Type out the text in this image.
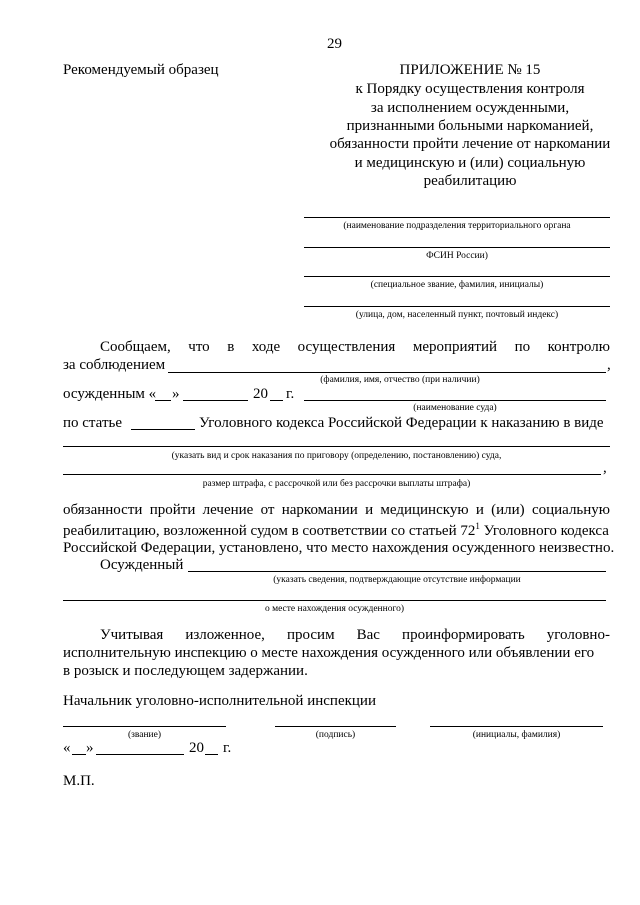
29
Рекомендуемый образец	ПРИЛОЖЕНИЕ № 15
к Порядку осуществления контроля
за исполнением осужденными,
признанными больными наркоманией,
обязанности пройти лечение от наркомании
и медицинскую и (или) социальную
реабилитацию
(наименование подразделения территориального органа
ФСИН России)
(специальное звание, фамилия, инициалы)
(улица, дом, населенный пункт, почтовый индекс)
Сообщаем, что в ходе осуществления мероприятий по контролю
за соблюдением	,
(фамилия, имя, отчество (при наличии)
осужденным « »	20 г.
(наименование суда)
по статье	Уголовного кодекса Российской Федерации к наказанию в виде
(указать вид и срок наказания по приговору (определению, постановлению) суда,
,
размер штрафа, с рассрочкой или без рассрочки выплаты штрафа)
обязанности пройти лечение от наркомании и медицинскую и (или) социальную
реабилитацию, возложенной судом в соответствии со статьей $72^1$ Уголовного кодекса
Российской Федерации, установлено, что место нахождения осужденного неизвестно.
Осужденный
(указать сведения, подтверждающие отсутствие информации
о месте нахождения осужденного)
Учитывая изложенное, просим Вас проинформировать уголовно-
исполнительную инспекцию о месте нахождения осужденного или объявлении его
в розыск и последующем задержании.
Начальник уголовно-исполнительной инспекции
(звание)	(подпись)	(инициалы, фамилия)
« »	20 г.
М.П.
